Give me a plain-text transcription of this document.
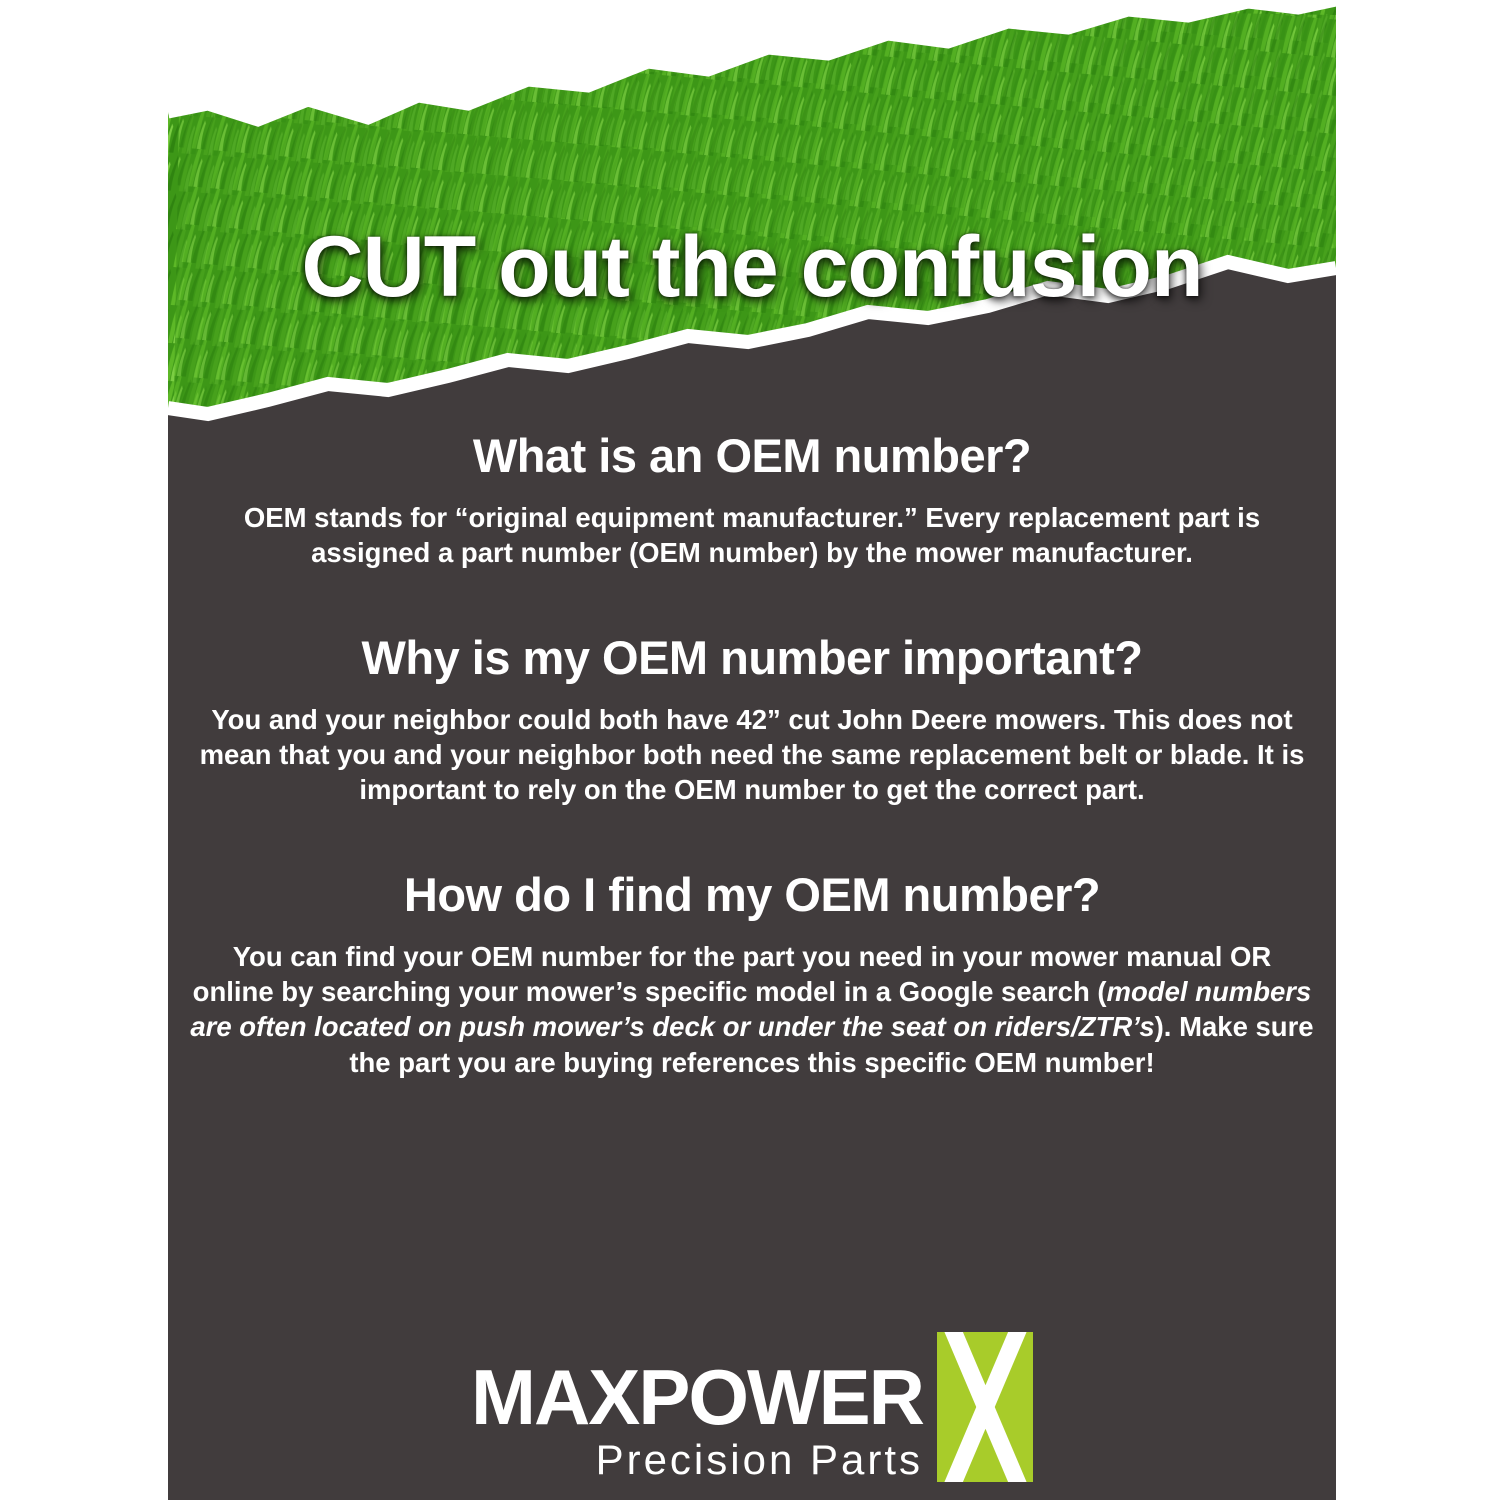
CUT out the confusion
What is an OEM number?

OEM stands for “original equipment manufacturer.” Every replacement part is assigned a part number (OEM number) by the mower manufacturer.

Why is my OEM number important?

You and your neighbor could both have 42” cut John Deere mowers. This does not mean that you and your neighbor both need the same replacement belt or blade. It is important to rely on the OEM number to get the correct part.

How do I find my OEM number?

You can find your OEM number for the part you need in your mower manual OR online by searching your mower’s specific model in a Google search (model numbers are often located on push mower’s deck or under the seat on riders/ZTR’s). Make sure the part you are buying references this specific OEM number!

MAXPOWER
Precision Parts
